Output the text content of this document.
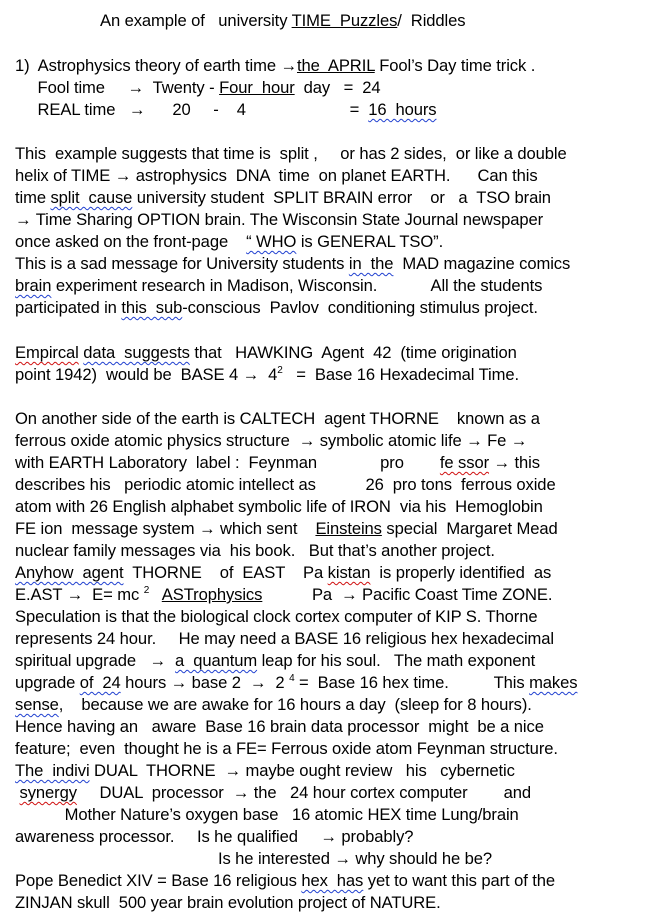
An example of   university TIME  Puzzles/  Riddles
1)  Astrophysics theory of earth time →the  APRIL Fool’s Day time trick .
Fool time     →  Twenty - Four  hour  day   =  24
REAL time   →      20     -    4                       =  16  hours
This  example suggests that time is  split ,     or has 2 sides,  or like a double
helix of TIME → astrophysics  DNA  time  on planet EARTH.      Can this
time split  cause university student  SPLIT BRAIN error    or   a  TSO brain
→ Time Sharing OPTION brain. The Wisconsin State Journal newspaper
once asked on the front-page    “ WHO is GENERAL TSO”.
This is a sad message for University students in  the  MAD magazine comics
brain experiment research in Madison, Wisconsin.            All the students
participated in this  sub-conscious  Pavlov  conditioning stimulus project.
Empircal data  suggests that   HAWKING  Agent  42  (time origination
point 1942)  would be  BASE $4 \to 4^2$   =  Base 16 Hexadecimal Time.
On another side of the earth is CALTECH  agent THORNE    known as a
ferrous oxide atomic physics structure  → symbolic atomic life → Fe →
with EARTH Laboratory  label :  Feynman              pro        fe ssor → this
describes his   periodic atomic intellect as           26  pro tons  ferrous oxide
atom with 26 English alphabet symbolic life of IRON  via his  Hemoglobin
FE ion  message system → which sent    Einsteins special  Margaret Mead
nuclear family messages via  his book.   But that’s another project.
Anyhow  agent  THORNE    of  EAST    Pa kistan  is properly identified  as
E.AST →  E= mc $^2$ ASTrophysics           Pa  → Pacific Coast Time ZONE.
Speculation is that the biological clock cortex computer of KIP S. Thorne
represents 24 hour.     He may need a BASE 16 religious hex hexadecimal
spiritual upgrade   →  a  quantum leap for his soul.   The math exponent
upgrade of  24 hours → base 2  →  2 $^4$ =  Base 16 hex time.          This makes
sense,    because we are awake for 16 hours a day  (sleep for 8 hours).
Hence having an   aware  Base 16 brain data processor  might  be a nice
feature;  even  thought he is a FE= Ferrous oxide atom Feynman structure.
The  indivi DUAL  THORNE  → maybe ought review   his   cybernetic
synergy     DUAL  processor  → the   24 hour cortex computer        and
Mother Nature’s oxygen base   16 atomic HEX time Lung/brain
awareness processor.     Is he qualified     → probably?
Is he interested → why should he be?
Pope Benedict XIV = Base 16 religious hex  has yet to want this part of the
ZINJAN skull  500 year brain evolution project of NATURE.
